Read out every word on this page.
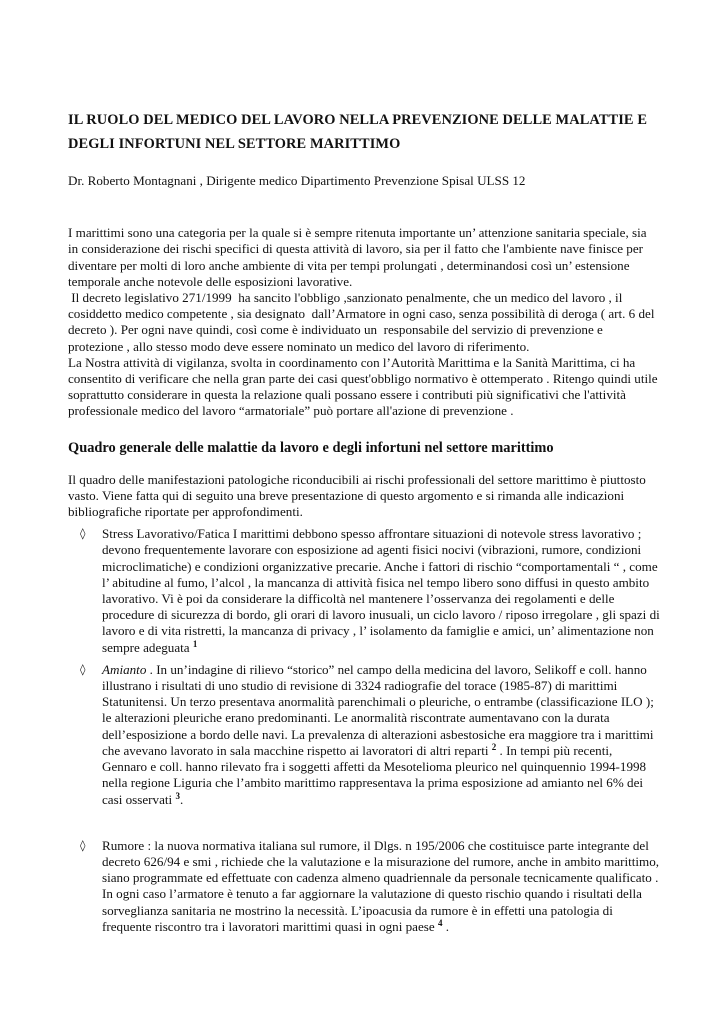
IL RUOLO DEL MEDICO DEL LAVORO NELLA PREVENZIONE DELLE MALATTIE E DEGLI INFORTUNI NEL SETTORE MARITTIMO
Dr. Roberto Montagnani , Dirigente medico Dipartimento Prevenzione Spisal ULSS 12

I marittimi sono una categoria per la quale si è sempre ritenuta importante un’ attenzione sanitaria speciale, sia in considerazione dei rischi specifici di questa attività di lavoro, sia per il fatto che l'ambiente nave finisce per diventare per molti di loro anche ambiente di vita per tempi prolungati , determinandosi così un’ estensione temporale anche notevole delle esposizioni lavorative.

Il decreto legislativo 271/1999  ha sancito l'obbligo ,sanzionato penalmente, che un medico del lavoro , il cosiddetto medico competente , sia designato  dall’Armatore in ogni caso, senza possibilità di deroga ( art. 6 del decreto ). Per ogni nave quindi, così come è individuato un  responsabile del servizio di prevenzione e protezione , allo stesso modo deve essere nominato un medico del lavoro di riferimento.

La Nostra attività di vigilanza, svolta in coordinamento con l’Autorità Marittima e la Sanità Marittima, ci ha consentito di verificare che nella gran parte dei casi quest'obbligo normativo è ottemperato . Ritengo quindi utile soprattutto considerare in questa la relazione quali possano essere i contributi più significativi che l'attività professionale medico del lavoro “armatoriale” può portare all'azione di prevenzione .

Quadro generale delle malattie da lavoro e degli infortuni nel settore marittimo
Il quadro delle manifestazioni patologiche riconducibili ai rischi professionali del settore marittimo è piuttosto vasto. Viene fatta qui di seguito una breve presentazione di questo argomento e si rimanda alle indicazioni bibliografiche riportate per approfondimenti.
◊ Stress Lavorativo/Fatica I marittimi debbono spesso affrontare situazioni di notevole stress lavorativo ; devono frequentemente lavorare con esposizione ad agenti fisici nocivi (vibrazioni, rumore, condizioni microclimatiche) e condizioni organizzative precarie. Anche i fattori di rischio “comportamentali “ , come l’ abitudine al fumo, l’alcol , la mancanza di attività fisica nel tempo libero sono diffusi in questo ambito lavorativo. Vi è poi da considerare la difficoltà nel mantenere l’osservanza dei regolamenti e delle procedure di sicurezza di bordo, gli orari di lavoro inusuali, un ciclo lavoro / riposo irregolare , gli spazi di lavoro e di vita ristretti, la mancanza di privacy , l’ isolamento da famiglie e amici, un’ alimentazione non sempre adeguata $^1$
◊ Amianto . In un’indagine di rilievo “storico” nel campo della medicina del lavoro, Selikoff e coll. hanno illustrano i risultati di uno studio di revisione di 3324 radiografie del torace (1985-87) di marittimi Statunitensi. Un terzo presentava anormalità parenchimali o pleuriche, o entrambe (classificazione ILO ); le alterazioni pleuriche erano predominanti. Le anormalità riscontrate aumentavano con la durata dell’esposizione a bordo delle navi. La prevalenza di alterazioni asbestosiche era maggiore tra i marittimi che avevano lavorato in sala macchine rispetto ai lavoratori di altri reparti $^2$ . In tempi più recenti, Gennaro e coll. hanno rilevato fra i soggetti affetti da Mesotelioma pleurico nel quinquennio 1994-1998 nella regione Liguria che l’ambito marittimo rappresentava la prima esposizione ad amianto nel 6% dei casi osservati $^3$.
◊ Rumore : la nuova normativa italiana sul rumore, il Dlgs. n 195/2006 che costituisce parte integrante del decreto 626/94 e smi , richiede che la valutazione e la misurazione del rumore, anche in ambito marittimo, siano programmate ed effettuate con cadenza almeno quadriennale da personale tecnicamente qualificato . In ogni caso l’armatore è tenuto a far aggiornare la valutazione di questo rischio quando i risultati della sorveglianza sanitaria ne mostrino la necessità. L’ipoacusia da rumore è in effetti una patologia di frequente riscontro tra i lavoratori marittimi quasi in ogni paese $^4$ .
